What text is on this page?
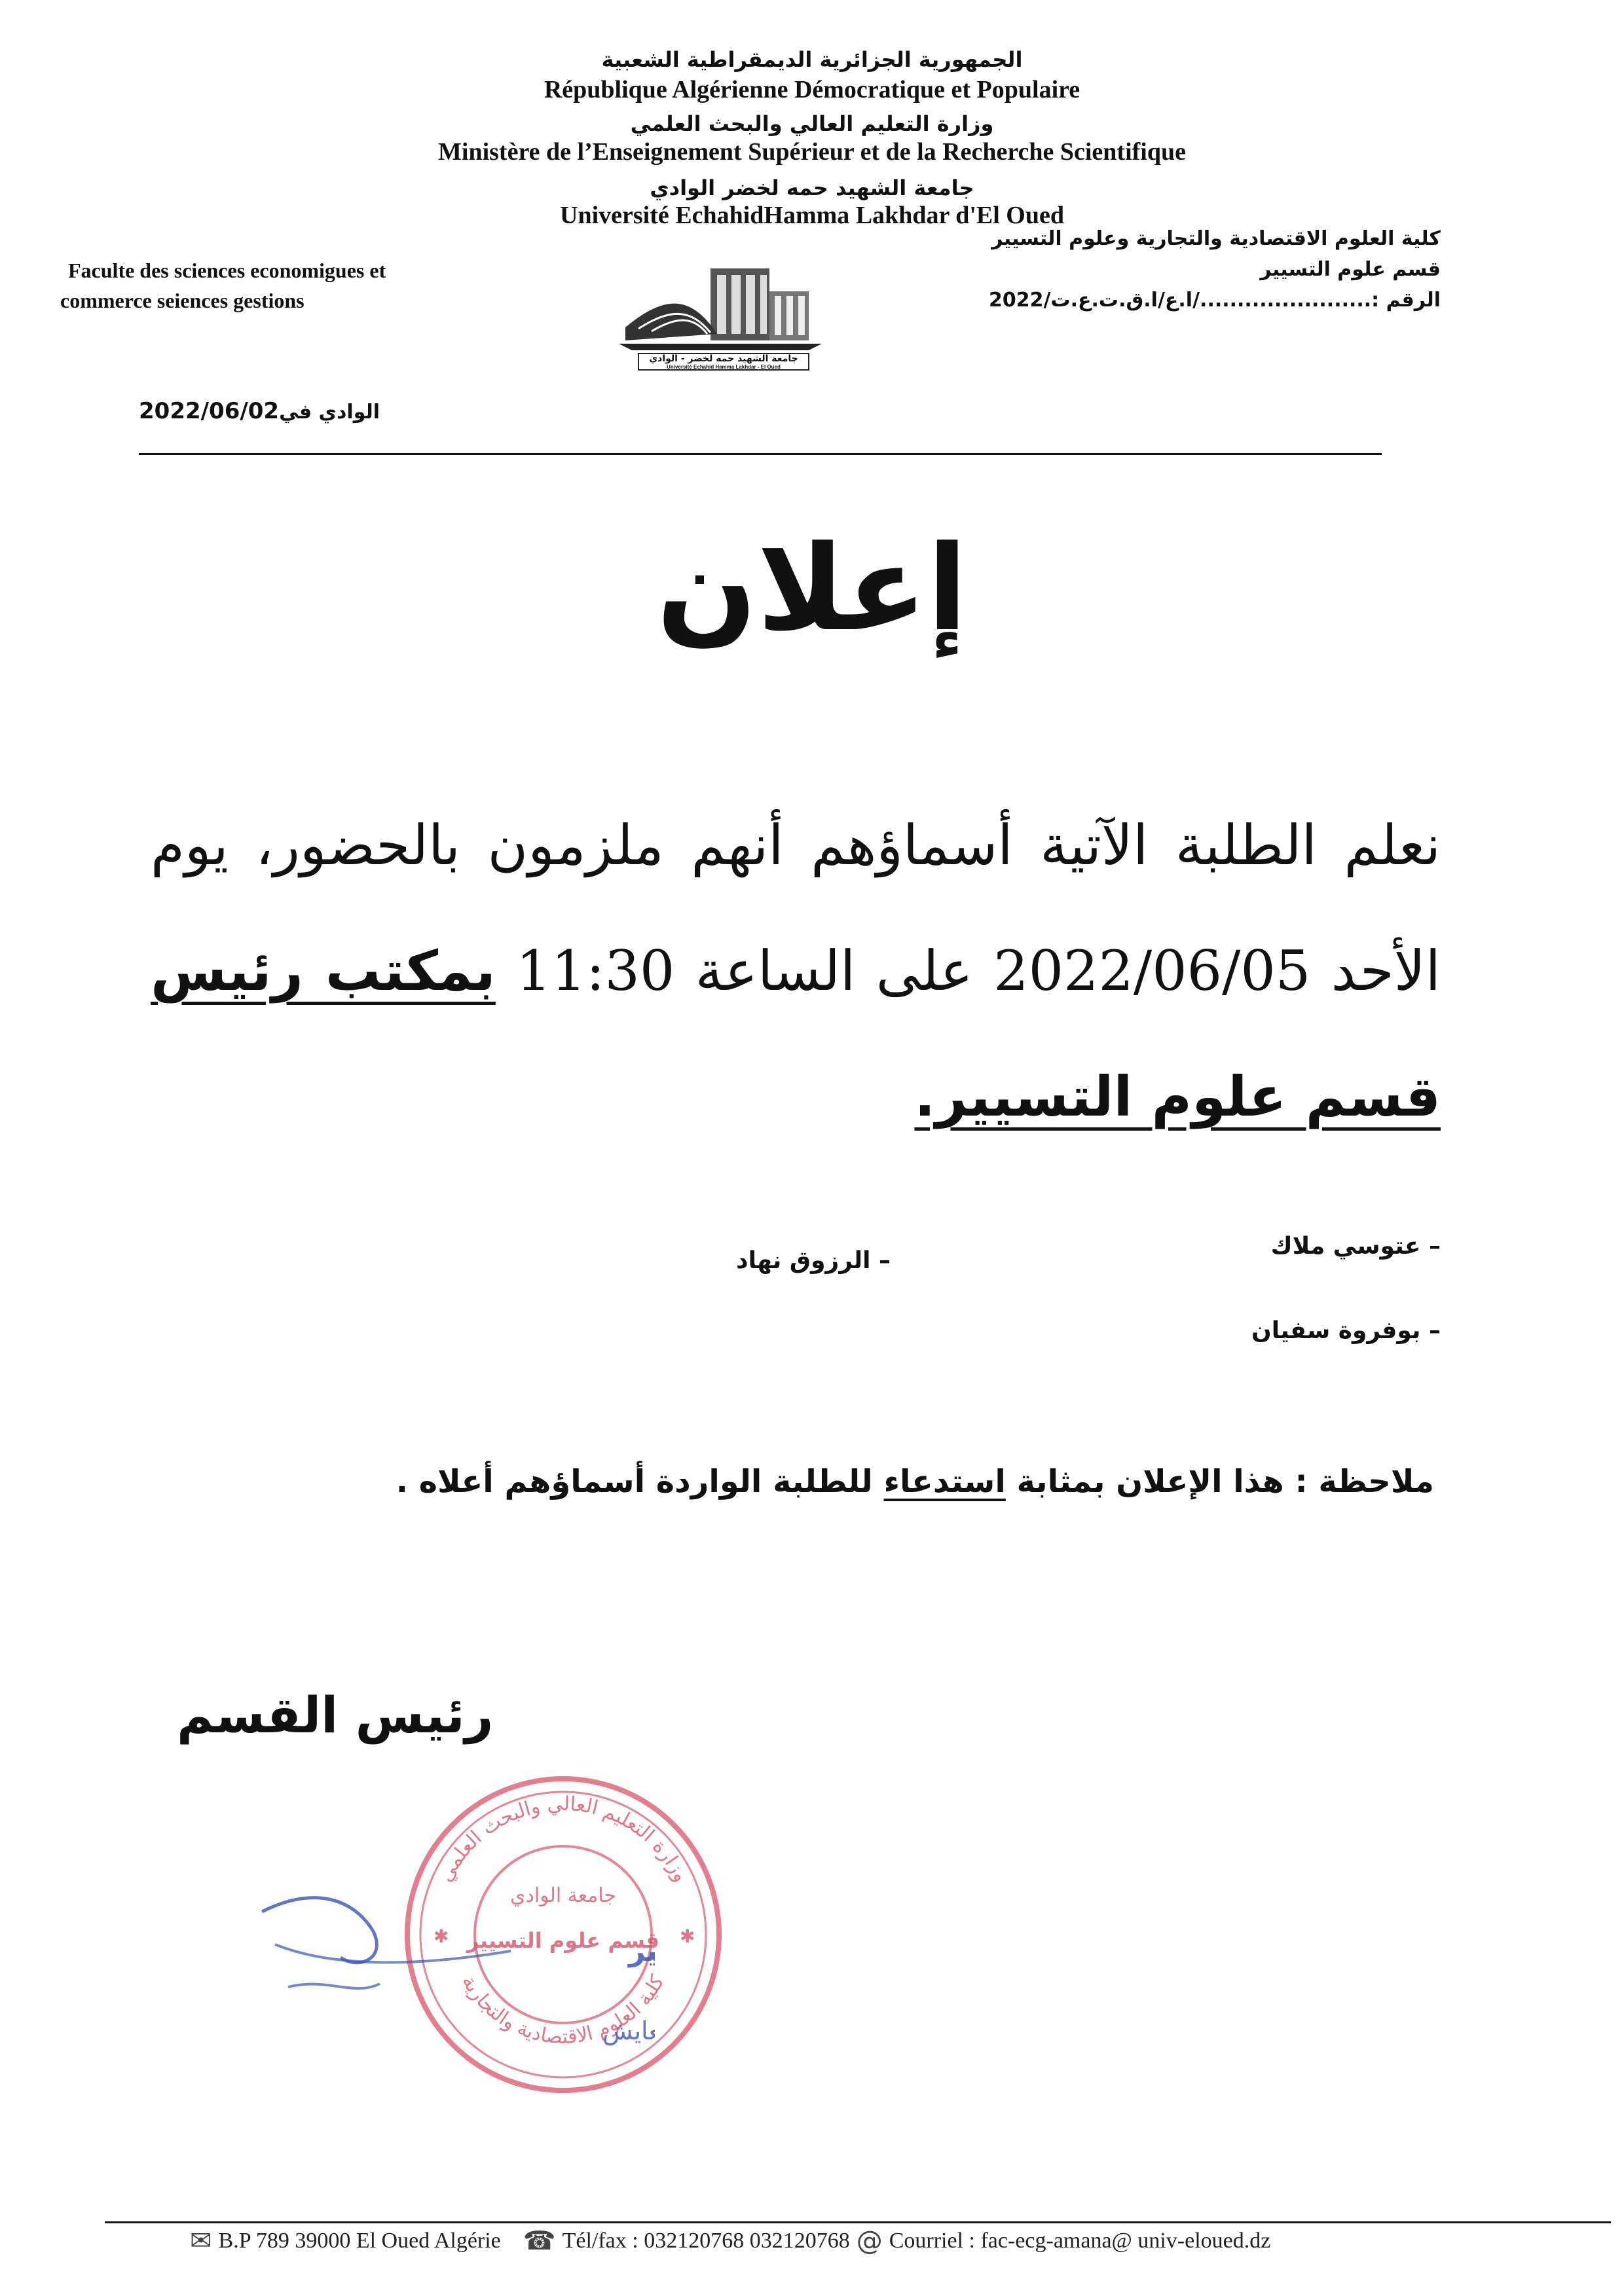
الجمهورية الجزائرية الديمقراطية الشعبية
République Algérienne Démocratique et Populaire
وزارة التعليم العالي والبحث العلمي
Ministère de l’Enseignement Supérieur et de la Recherche Scientifique
جامعة الشهيد حمه لخضر الوادي
Université EchahidHamma Lakhdar d'El Oued
Faculte des sciences economigues et
commerce seiences gestions
كلية العلوم الاقتصادية والتجارية وعلوم التسيير
قسم علوم التسيير
الرقم :......................./ا.ع/ا.ق.ت.ع.ت/2022
جامعة الشهيد حمه لخضر - الوادي
Université Echahid Hamma Lakhdar - El Oued
الوادي في2022/06/02
إعلان
نعلم الطلبة الآتية أسماؤهم أنهم ملزمون بالحضور، يوم الأحد 2022/06/05 على الساعة 11:30 بمكتب رئيس قسم علوم التسيير.
– عتوسي ملاك
– الرزوق نهاد
– بوفروة سفيان
ملاحظة : هذا الإعلان بمثابة استدعاء للطلبة الواردة أسماؤهم أعلاه .
رئيس القسم
وزارة التعليم العالي والبحث العلمي
كلية العلوم الاقتصادية والتجارية
جامعة الوادي
قسم علوم التسيير
✱	✱
ر
ايش
✉ B.P 789 39000 El Oued Algérie ☎ Tél/fax : 032120768 032120768 @ Courriel : fac-ecg-amana@ univ-eloued.dz
